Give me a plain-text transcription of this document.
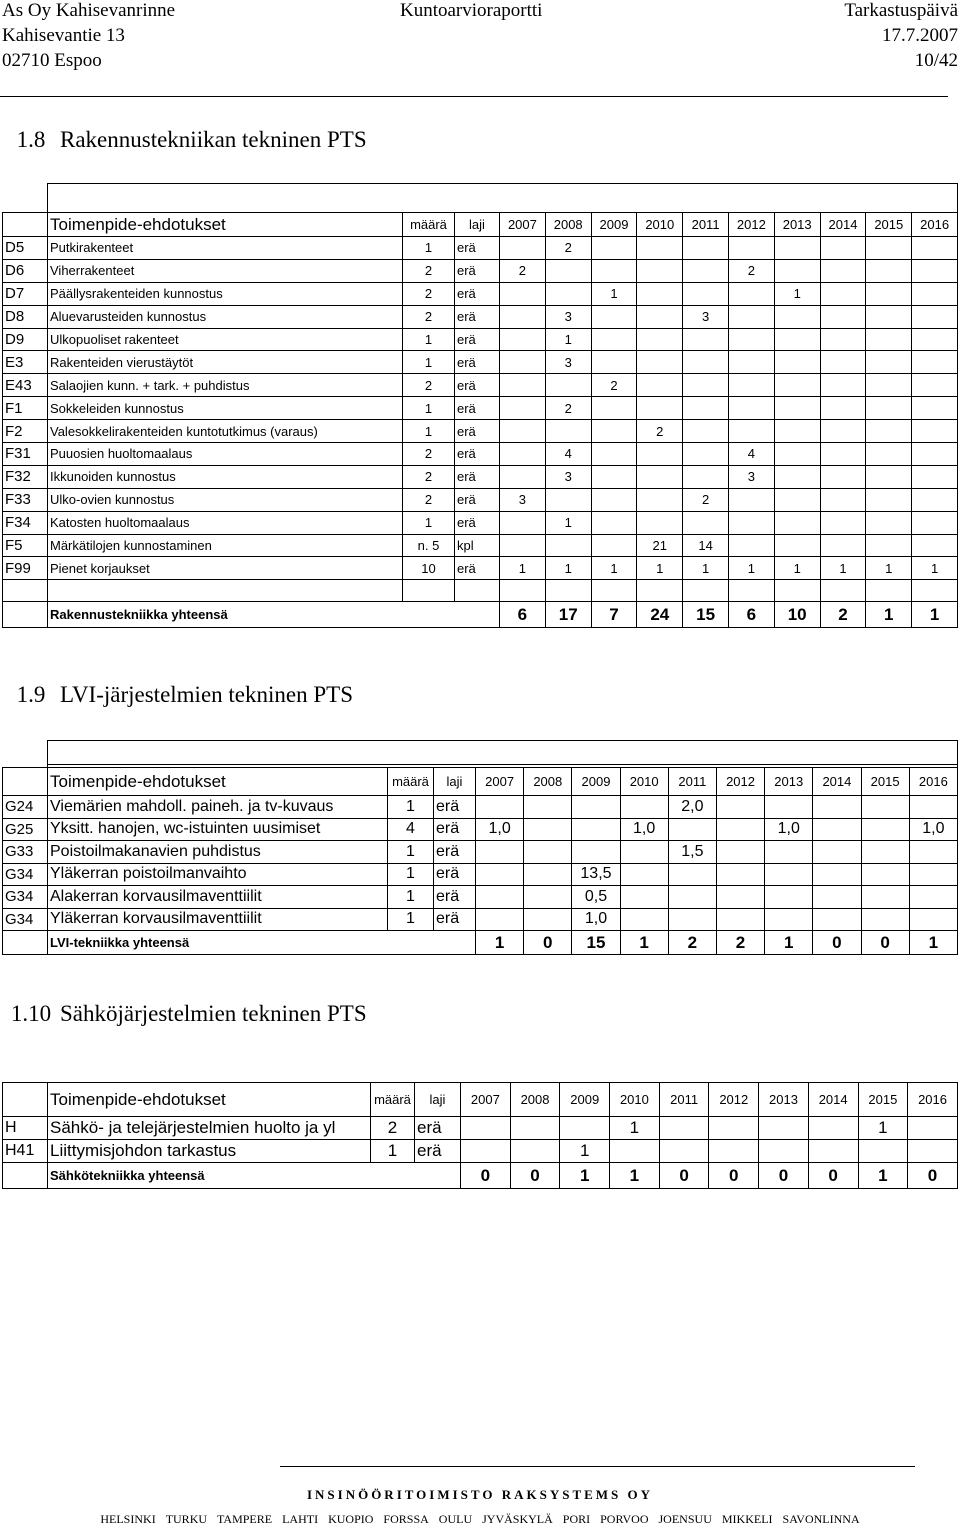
As Oy Kahisevanrinne	Kuntoarvioraportti	Tarkastuspäivä
Kahisevantie 13	17.7.2007
02710 Espoo	10/42
1.8 Rakennustekniikan tekninen PTS

	Toimenpide-ehdotukset	määrä	laji	2007	2008	2009	2010	2011	2012	2013	2014	2015	2016
D5	Putkirakenteet	1	erä		2								
D6	Viherrakenteet	2	erä	2					2				
D7	Päällysrakenteiden kunnostus	2	erä			1				1			
D8	Aluevarusteiden kunnostus	2	erä		3			3					
D9	Ulkopuoliset rakenteet	1	erä		1								
E3	Rakenteiden vierustäytöt	1	erä		3								
E43	Salaojien kunn. + tark. + puhdistus	2	erä			2							
F1	Sokkeleiden kunnostus	1	erä		2								
F2	Valesokkelirakenteiden kuntotutkimus (varaus)	1	erä				2						
F31	Puuosien huoltomaalaus	2	erä		4				4				
F32	Ikkunoiden kunnostus	2	erä		3				3				
F33	Ulko-ovien kunnostus	2	erä	3				2					
F34	Katosten huoltomaalaus	1	erä		1								
F5	Märkätilojen kunnostaminen	n. 5	kpl				21	14					
F99	Pienet korjaukset	10	erä	1	1	1	1	1	1	1	1	1	1

	Rakennustekniikka yhteensä			6	17	7	24	15	6	10	2	1	1
1.9 LVI-järjestelmien tekninen PTS

	Toimenpide-ehdotukset	määrä	laji	2007	2008	2009	2010	2011	2012	2013	2014	2015	2016
G24	Viemärien mahdoll. paineh. ja tv-kuvaus	1	erä					2,0					
G25	Yksitt. hanojen, wc-istuinten uusimiset	4	erä	1,0			1,0			1,0			1,0
G33	Poistoilmakanavien puhdistus	1	erä					1,5					
G34	Yläkerran poistoilmanvaihto	1	erä			13,5							
G34	Alakerran korvausilmaventtiilit	1	erä			0,5							
G34	Yläkerran korvausilmaventtiilit	1	erä			1,0							
	LVI-tekniikka yhteensä			1	0	15	1	2	2	1	0	0	1
1.10 Sähköjärjestelmien tekninen PTS
	Toimenpide-ehdotukset	määrä	laji	2007	2008	2009	2010	2011	2012	2013	2014	2015	2016
H	Sähkö- ja telejärjestelmien huolto ja yl	2	erä				1					1	
H41	Liittymisjohdon tarkastus	1	erä			1							
	Sähkötekniikka yhteensä			0	0	1	1	0	0	0	0	1	0
INSINÖÖRITOIMISTO RAKSYSTEMS OY
HELSINKI TURKU TAMPERE LAHTI KUOPIO FORSSA OULU JYVÄSKYLÄ PORI PORVOO JOENSUU MIKKELI SAVONLINNA
